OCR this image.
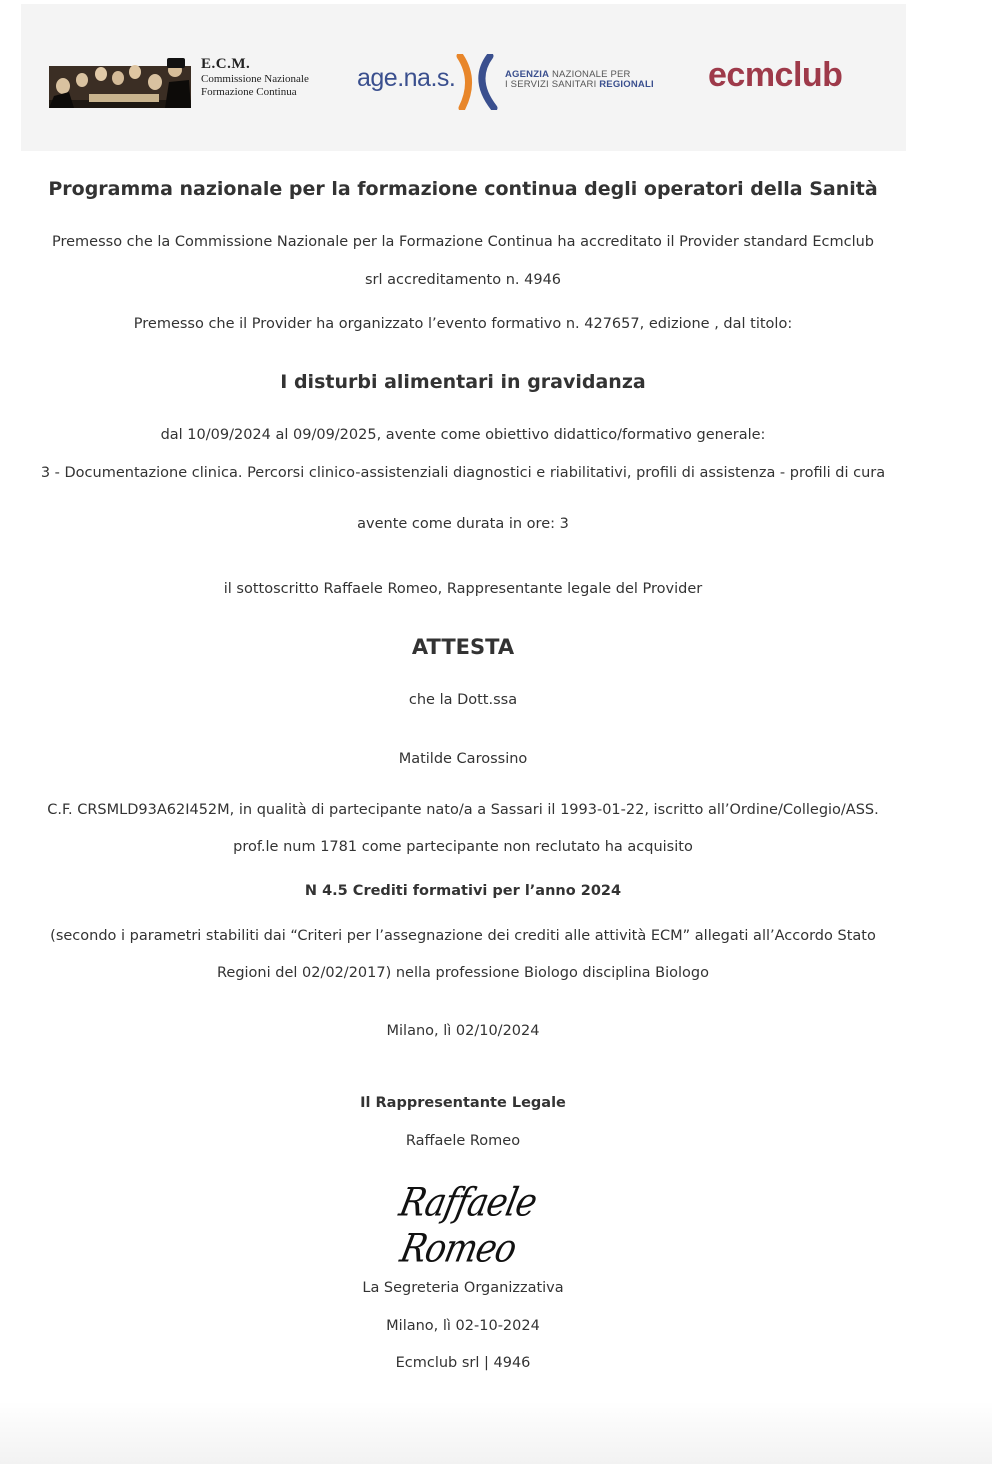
E.C.M.
Commissione Nazionale
Formazione Continua	age.na.s.	AGENZIA NAZIONALE PER
I SERVIZI SANITARI REGIONALI ecmclub
Programma nazionale per la formazione continua degli operatori della Sanità
Premesso che la Commissione Nazionale per la Formazione Continua ha accreditato il Provider standard Ecmclub
srl accreditamento n. 4946
Premesso che il Provider ha organizzato l’evento formativo n. 427657, edizione , dal titolo:
I disturbi alimentari in gravidanza
dal 10/09/2024 al 09/09/2025, avente come obiettivo didattico/formativo generale:
3 - Documentazione clinica. Percorsi clinico-assistenziali diagnostici e riabilitativi, profili di assistenza - profili di cura
avente come durata in ore: 3
il sottoscritto Raffaele Romeo, Rappresentante legale del Provider
ATTESTA
che la Dott.ssa
Matilde Carossino
C.F. CRSMLD93A62I452M, in qualità di partecipante nato/a a Sassari il 1993-01-22, iscritto all’Ordine/Collegio/ASS.
prof.le num 1781 come partecipante non reclutato ha acquisito
N 4.5 Crediti formativi per l’anno 2024
(secondo i parametri stabiliti dai “Criteri per l’assegnazione dei crediti alle attività ECM” allegati all’Accordo Stato
Regioni del 02/02/2017) nella professione Biologo disciplina Biologo
Milano, lì 02/10/2024
Il Rappresentante Legale
Raffaele Romeo
Raffaele Romeo
La Segreteria Organizzativa
Milano, lì 02-10-2024
Ecmclub srl | 4946
